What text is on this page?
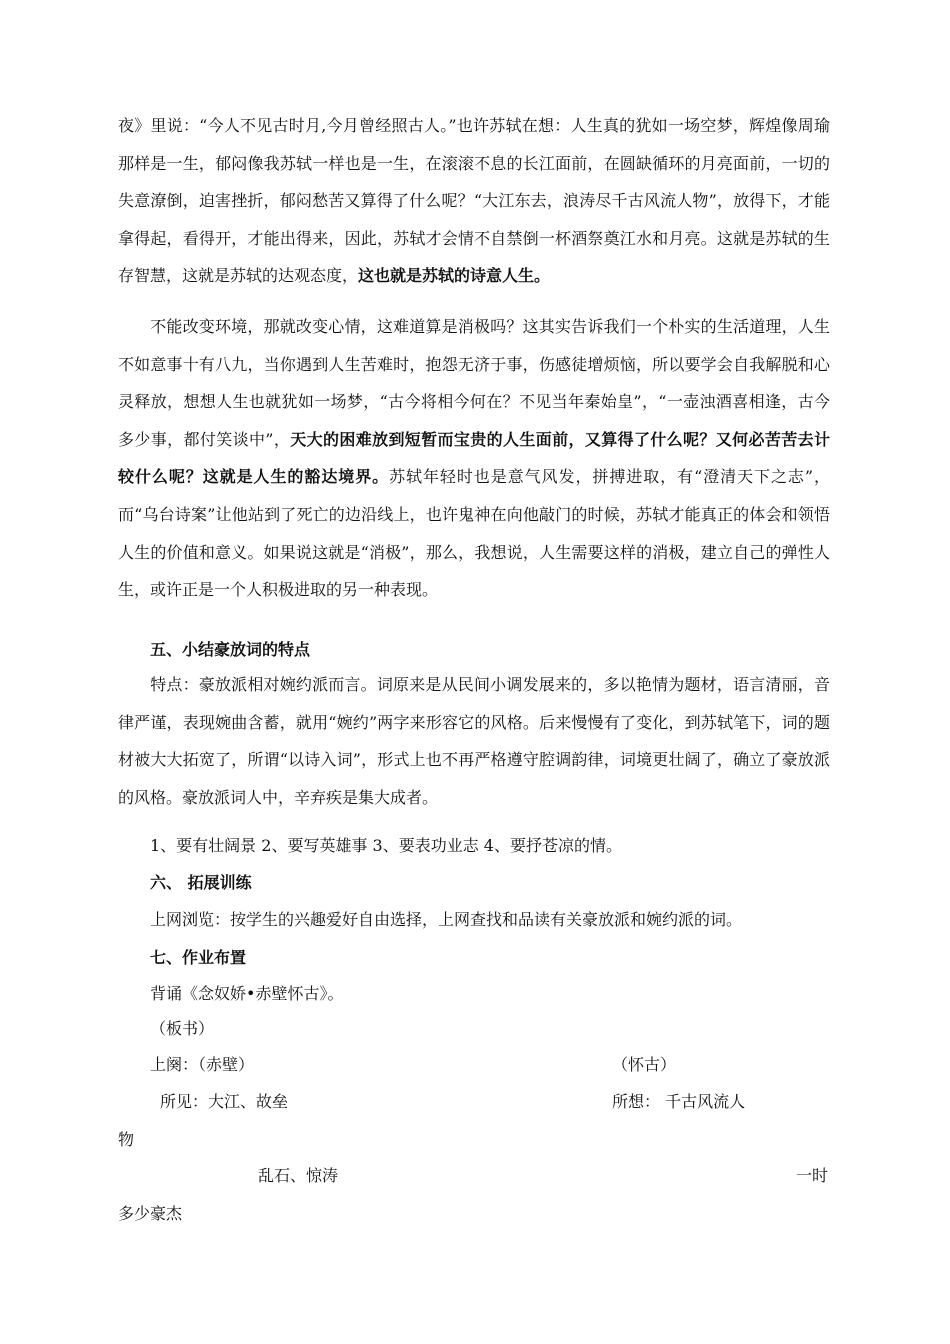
夜》里说：“今人不见古时月,今月曾经照古人。”也许苏轼在想：人生真的犹如一场空梦，辉煌像周瑜那样是一生，郁闷像我苏轼一样也是一生，在滚滚不息的长江面前，在圆缺循环的月亮面前，一切的失意潦倒，迫害挫折，郁闷愁苦又算得了什么呢？“大江东去，浪涛尽千古风流人物”，放得下，才能拿得起，看得开，才能出得来，因此，苏轼才会情不自禁倒一杯酒祭奠江水和月亮。这就是苏轼的生存智慧，这就是苏轼的达观态度，这也就是苏轼的诗意人生。

不能改变环境，那就改变心情，这难道算是消极吗？这其实告诉我们一个朴实的生活道理，人生不如意事十有八九，当你遇到人生苦难时，抱怨无济于事，伤感徒增烦恼，所以要学会自我解脱和心灵释放，想想人生也就犹如一场梦，“古今将相今何在？不见当年秦始皇”，“一壶浊酒喜相逢，古今多少事，都付笑谈中”，天大的困难放到短暂而宝贵的人生面前，又算得了什么呢？又何必苦苦去计较什么呢？这就是人生的豁达境界。苏轼年轻时也是意气风发，拼搏进取，有“澄清天下之志”，而“乌台诗案”让他站到了死亡的边沿线上，也许鬼神在向他敲门的时候，苏轼才能真正的体会和领悟人生的价值和意义。如果说这就是“消极”，那么，我想说，人生需要这样的消极，建立自己的弹性人生，或许正是一个人积极进取的另一种表现。

五、小结豪放词的特点

特点：豪放派相对婉约派而言。词原来是从民间小调发展来的，多以艳情为题材，语言清丽，音律严谨，表现婉曲含蓄，就用“婉约”两字来形容它的风格。后来慢慢有了变化，到苏轼笔下，词的题材被大大拓宽了，所谓“以诗入词”，形式上也不再严格遵守腔调韵律，词境更壮阔了，确立了豪放派的风格。豪放派词人中，辛弃疾是集大成者。

1、要有壮阔景 2、要写英雄事 3、要表功业志 4、要抒苍凉的情。
六、 拓展训练
上网浏览：按学生的兴趣爱好自由选择，上网查找和品读有关豪放派和婉约派的词。
七、作业布置
背诵《念奴娇•赤壁怀古》。
（板书）
上阕：（赤壁）	（怀古）
所见：大江、故垒	所想： 千古风流人
物
乱石、惊涛	一时
多少豪杰
